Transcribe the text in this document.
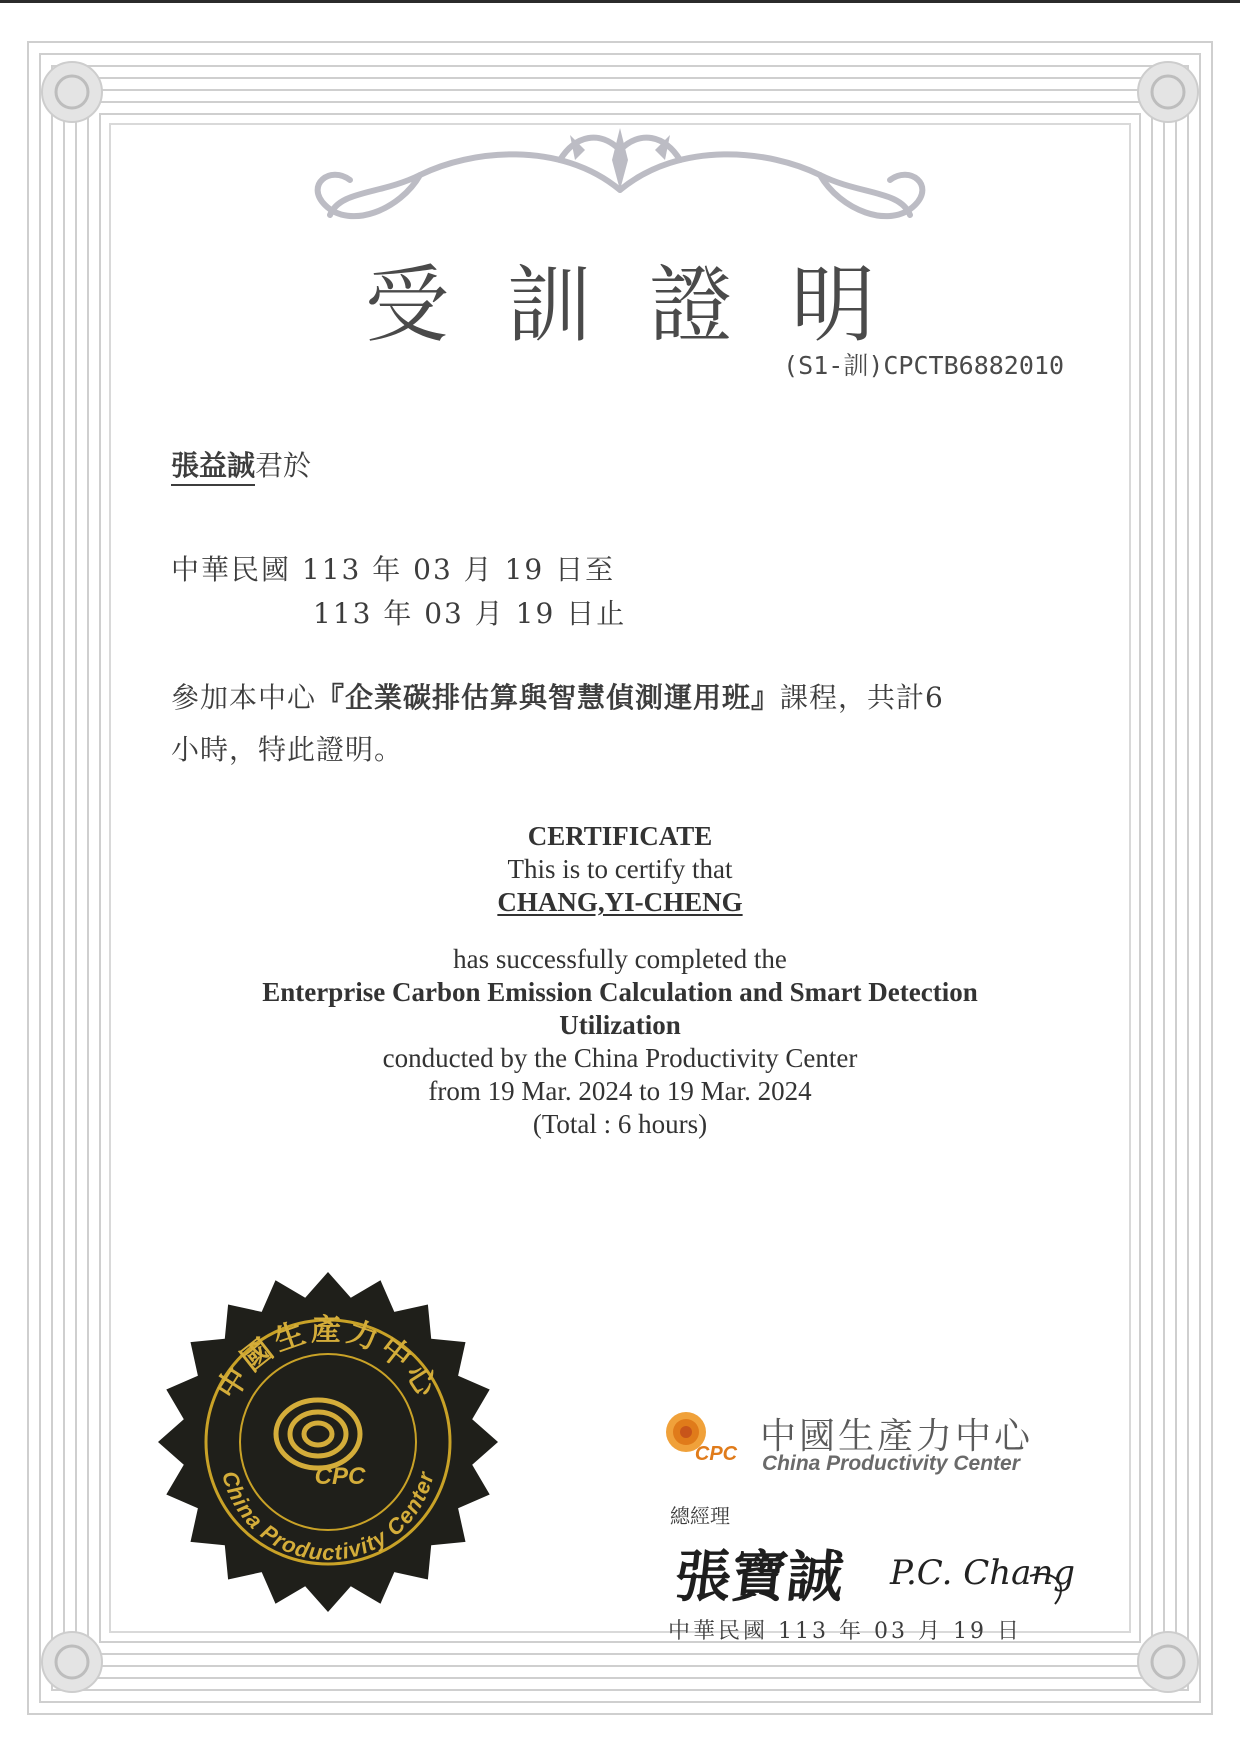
受訓證明
(S1-訓)CPCTB6882010
張益誠君於
中華民國 113 年 03 月 19 日至
113 年 03 月 19 日止
參加本中心『企業碳排估算與智慧偵測運用班』課程，共計6
小時，特此證明。
CERTIFICATE
This is to certify that
CHANG,YI-CHENG
has successfully completed the
Enterprise Carbon Emission Calculation and Smart Detection
Utilization
conducted by the China Productivity Center
from 19 Mar. 2024 to 19 Mar. 2024
(Total : 6 hours)
中國生產力中心
China Productivity Center
CPC
CPC 中國生產力中心
China Productivity Center
總經理
張寶誠 P.C. Chang
中華民國 113 年 03 月 19 日
